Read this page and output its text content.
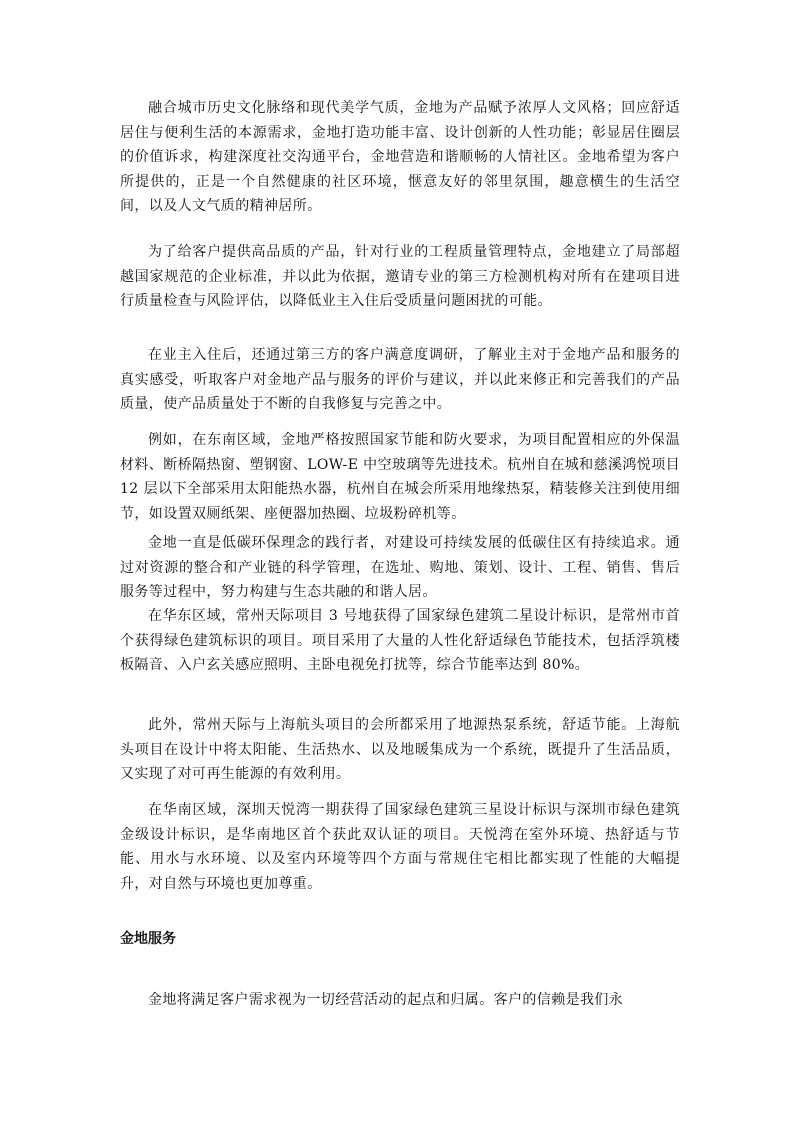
融合城市历史文化脉络和现代美学气质，金地为产品赋予浓厚人文风格；回应舒适居住与便利生活的本源需求，金地打造功能丰富、设计创新的人性功能；彰显居住圈层的价值诉求，构建深度社交沟通平台，金地营造和谐顺畅的人情社区。金地希望为客户所提供的，正是一个自然健康的社区环境，惬意友好的邻里氛围，趣意横生的生活空间，以及人文气质的精神居所。

为了给客户提供高品质的产品，针对行业的工程质量管理特点，金地建立了局部超越国家规范的企业标准，并以此为依据，邀请专业的第三方检测机构对所有在建项目进行质量检查与风险评估，以降低业主入住后受质量问题困扰的可能。

在业主入住后，还通过第三方的客户满意度调研，了解业主对于金地产品和服务的真实感受，听取客户对金地产品与服务的评价与建议，并以此来修正和完善我们的产品质量，使产品质量处于不断的自我修复与完善之中。

例如，在东南区域，金地严格按照国家节能和防火要求，为项目配置相应的外保温材料、断桥隔热窗、塑钢窗、LOW-E 中空玻璃等先进技术。杭州自在城和慈溪鸿悦项目 12 层以下全部采用太阳能热水器，杭州自在城会所采用地缘热泵，精装修关注到使用细节，如设置双厕纸架、座便器加热圈、垃圾粉碎机等。

金地一直是低碳环保理念的践行者，对建设可持续发展的低碳住区有持续追求。通过对资源的整合和产业链的科学管理，在选址、购地、策划、设计、工程、销售、售后服务等过程中，努力构建与生态共融的和谐人居。

在华东区域，常州天际项目 3 号地获得了国家绿色建筑二星设计标识，是常州市首个获得绿色建筑标识的项目。项目采用了大量的人性化舒适绿色节能技术，包括浮筑楼板隔音、入户玄关感应照明、主卧电视免打扰等，综合节能率达到 80%。

此外，常州天际与上海航头项目的会所都采用了地源热泵系统，舒适节能。上海航头项目在设计中将太阳能、生活热水、以及地暖集成为一个系统，既提升了生活品质，又实现了对可再生能源的有效利用。

在华南区域，深圳天悦湾一期获得了国家绿色建筑三星设计标识与深圳市绿色建筑金级设计标识，是华南地区首个获此双认证的项目。天悦湾在室外环境、热舒适与节能、用水与水环境、以及室内环境等四个方面与常规住宅相比都实现了性能的大幅提升，对自然与环境也更加尊重。

金地服务

金地将满足客户需求视为一切经营活动的起点和归属。客户的信赖是我们永
